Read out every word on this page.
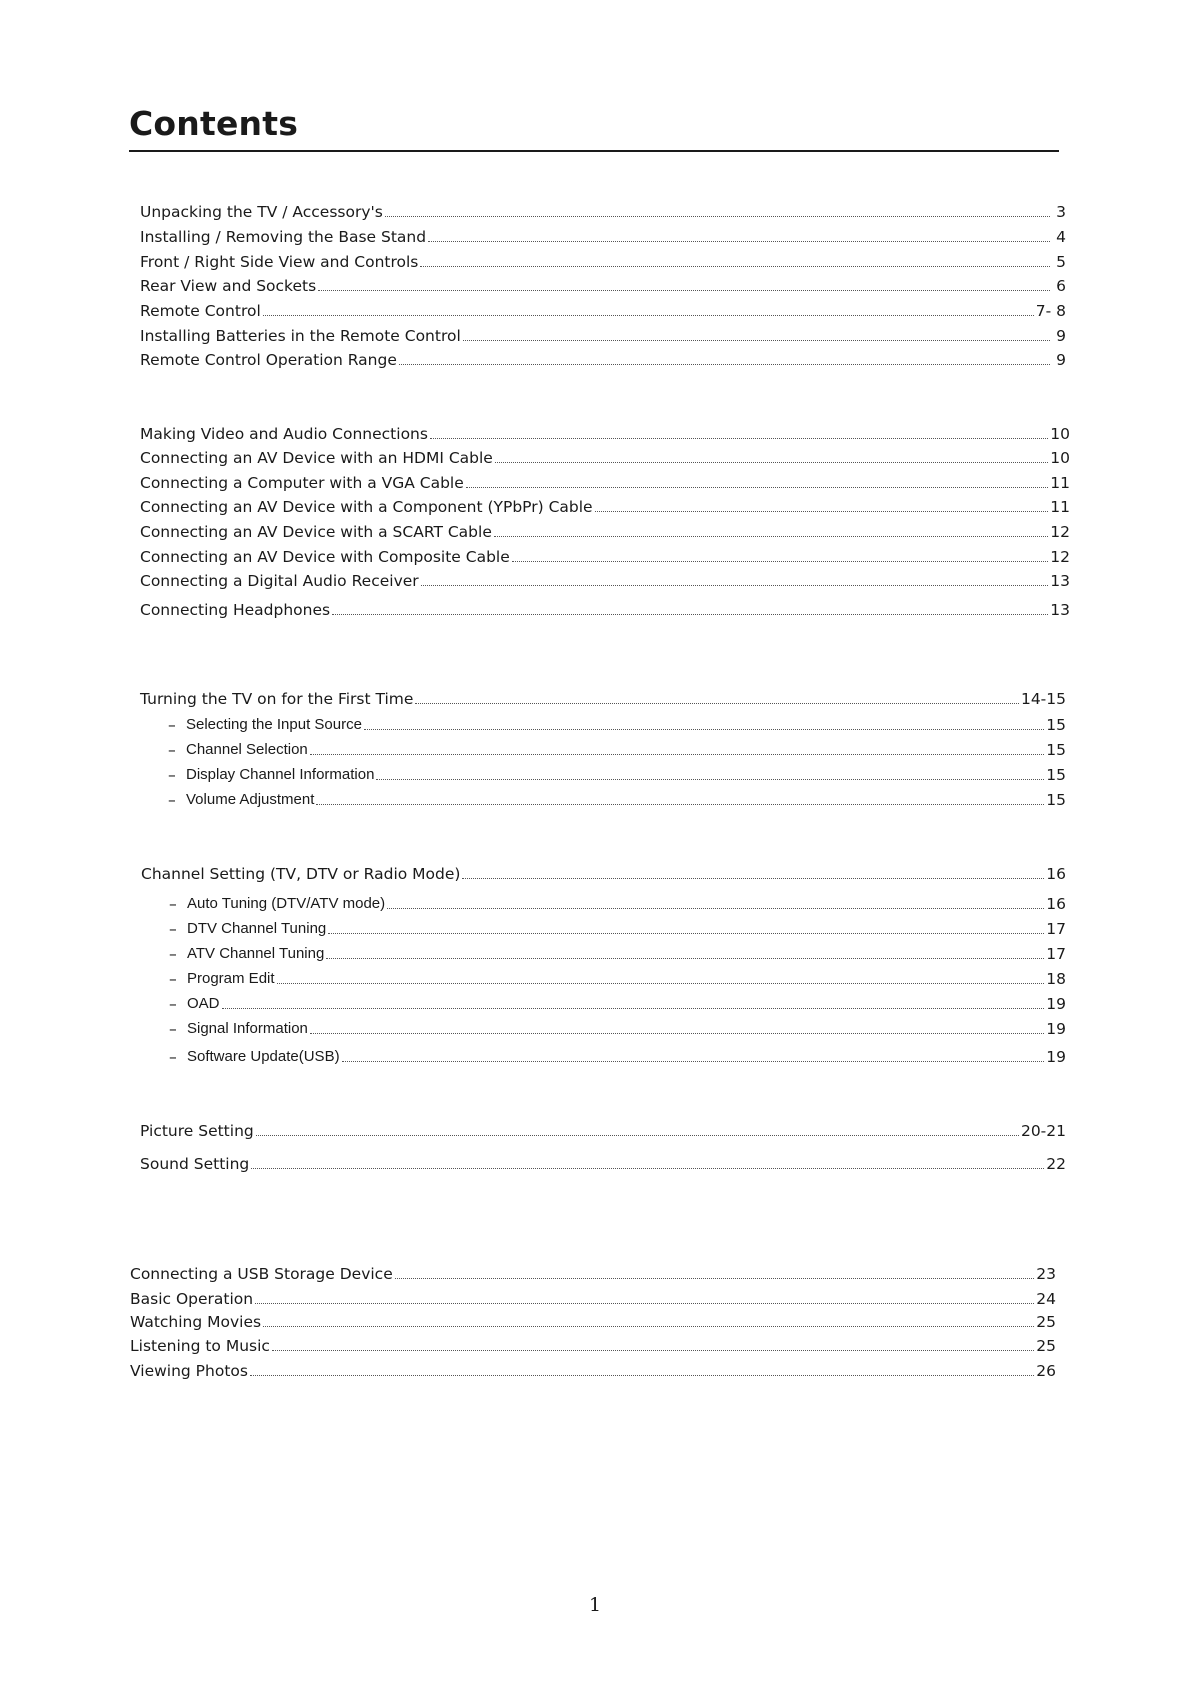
Contents
Unpacking the TV / Accessory's	3
Installing / Removing the Base Stand	4
Front / Right Side View and Controls	5
Rear View and Sockets	6
Remote Control	7- 8
Installing Batteries in the Remote Control	9
Remote Control Operation Range	9
Making Video and Audio Connections	10
Connecting an AV Device with an HDMI Cable	10
Connecting a Computer with a VGA Cable	11
Connecting an AV Device with a Component (YPbPr) Cable	11
Connecting an AV Device with a SCART Cable	12
Connecting an AV Device with Composite Cable	12
Connecting a Digital Audio Receiver	13
Connecting Headphones	13
Turning the TV on for the First Time	14-15
– Selecting the Input Source	15
– Channel Selection	15
– Display Channel Information	15
– Volume Adjustment	15
Channel Setting (TV, DTV or Radio Mode)	16
– Auto Tuning (DTV/ATV mode)	16
– DTV Channel Tuning	17
– ATV Channel Tuning	17
– Program Edit	18
– OAD	19
– Signal Information	19
– Software Update(USB)	19
Picture Setting	20-21
Sound Setting	22
Connecting a USB Storage Device	23
Basic Operation	24
Watching Movies	25
Listening to Music	25
Viewing Photos	26
1
